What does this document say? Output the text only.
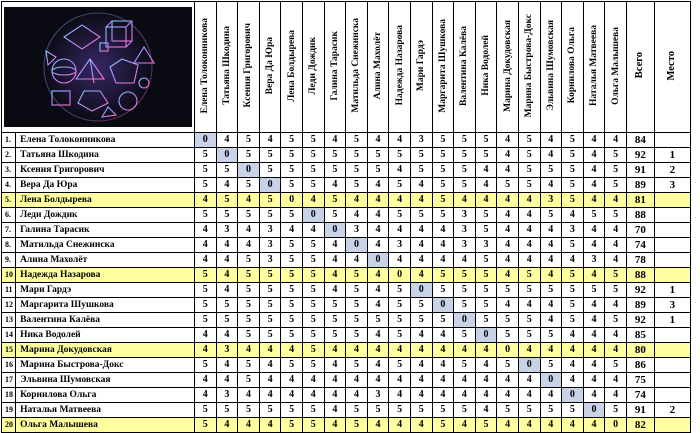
	Елена Толоконникова	Татьяна Шкодина	Ксения Григорович	Вера Да Юра	Лена Болдырева	Леди Дождик	Галина Тарасик	Матильда Снежинска	Алина Махолёт	Надежда Назарова	Мари Гардэ	Маргарита Шушкова	Валентина Калёва	Ника Водолей	Марина Докудовская	Марина Быстрова-Докс	Эльвина Шумовская	Корнилова Ольга	Наталья Матвеева	Ольга Малышева	Всего	Место
1.	Елена Толоконникова	0	4	5	4	5	5	4	5	4	4	3	5	5	5	4	5	4	5	4	4	84	
2.	Татьяна Шкодина	5	0	5	5	5	5	5	5	5	5	5	5	5	5	4	5	4	5	4	5	92	1
3.	Ксения Григорович	5	5	0	5	5	5	5	5	5	4	5	5	5	4	4	5	5	5	4	5	91	2
4.	Вера Да Юра	5	4	5	0	5	5	4	5	4	5	4	5	5	4	5	5	4	5	4	5	89	3
5.	Лена Болдырева	4	5	4	5	0	4	5	4	4	4	4	5	4	4	4	4	3	5	4	4	81	
6.	Леди Дождик	5	5	5	5	5	0	5	4	4	5	5	5	3	5	4	4	5	4	5	5	88	
7.	Галина Тарасик	4	3	4	3	4	4	0	3	4	4	4	4	3	5	4	4	4	3	4	4	70	
8.	Матильда Снежинска	4	4	4	3	5	5	4	0	4	3	4	4	3	3	4	4	4	5	4	4	74	
9.	Алина Махолёт	4	4	5	3	5	5	4	4	0	4	4	4	4	5	4	4	4	4	3	4	78	
10	Надежда Назарова	5	4	5	5	5	5	4	5	4	0	4	5	5	5	4	5	4	5	4	5	88	
11	Мари Гардэ	5	4	5	5	5	5	4	5	4	5	0	5	5	5	5	5	5	5	5	5	92	1
12	Маргарита Шушкова	5	5	5	5	5	5	5	5	4	5	5	0	5	5	4	4	4	5	4	4	89	3
13	Валентина Калёва	5	5	5	5	5	5	5	5	5	5	5	5	0	5	5	5	4	5	4	5	92	1
14	Ника Водолей	4	4	5	5	5	5	5	5	4	5	4	4	5	0	5	5	5	4	4	4	85	
15	Марина Докудовская	4	3	4	4	4	5	4	4	4	4	4	4	4	4	0	4	4	4	4	4	80	
16	Марина Быстрова-Докс	5	4	5	4	5	5	4	5	4	5	4	4	5	4	5	0	5	4	4	5	86	
17	Эльвина Шумовская	4	4	5	4	4	4	4	4	4	4	4	4	4	4	4	4	0	4	4	4	75	
18	Корнилова Ольга	4	3	4	4	4	4	4	4	3	4	4	4	4	4	4	4	4	0	4	4	74	
19	Наталья Матвеева	5	5	5	5	5	5	4	5	5	5	5	5	5	4	5	5	5	5	0	5	91	2
20	Ольга Малышева	5	4	4	4	5	5	4	5	4	4	4	5	4	5	4	4	4	4	4	0	82	
